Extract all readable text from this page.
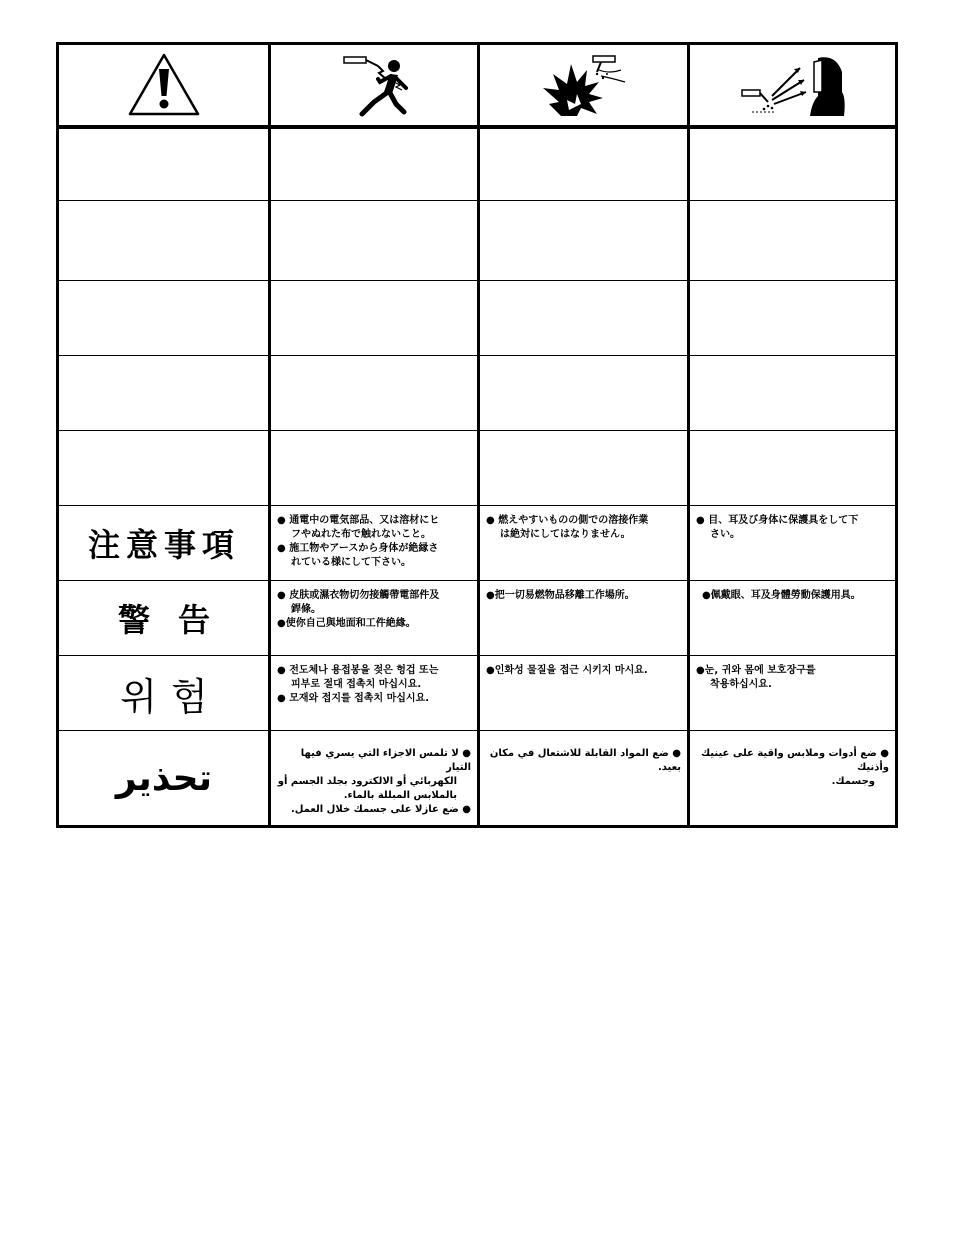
注意事項
警告
위험
تحذير

● 通電中の電気部品、又は溶材にヒ

フやぬれた布で触れないこと。

● 施工物やアースから身体が絶縁さ

れている様にして下さい。

● 燃えやすいものの側での溶接作業

は絶対にしてはなりません。

● 目、耳及び身体に保護具をして下

さい。

● 皮肤或濕衣物切勿接觸帶電部件及

銲條。

●使你自己與地面和工件絶緣。

●把一切易燃物品移離工作場所。	●佩戴眼、耳及身體勞動保護用具。

● 전도체나 용접봉을 젖은 헝겁 또는

피부로 절대 접촉치 마십시요.

● 모재와 접지를 접촉치 마십시요.

●인화성 물질을 접근 시키지 마시요.	●눈, 귀와 몸에 보호장구를

착용하십시요.

● لا تلمس الاجزاء التي يسري فيها التيار

الكهربائي أو الالكترود بجلد الجسم أو

بالملابس المبللة بالماء.

● ضع عازلا على جسمك خلال العمل.

● ضع المواد القابلة للاشتعال في مكان بعيد.

● ضع أدوات وملابس واقية على عينيك وأذنيك

وجسمك.
